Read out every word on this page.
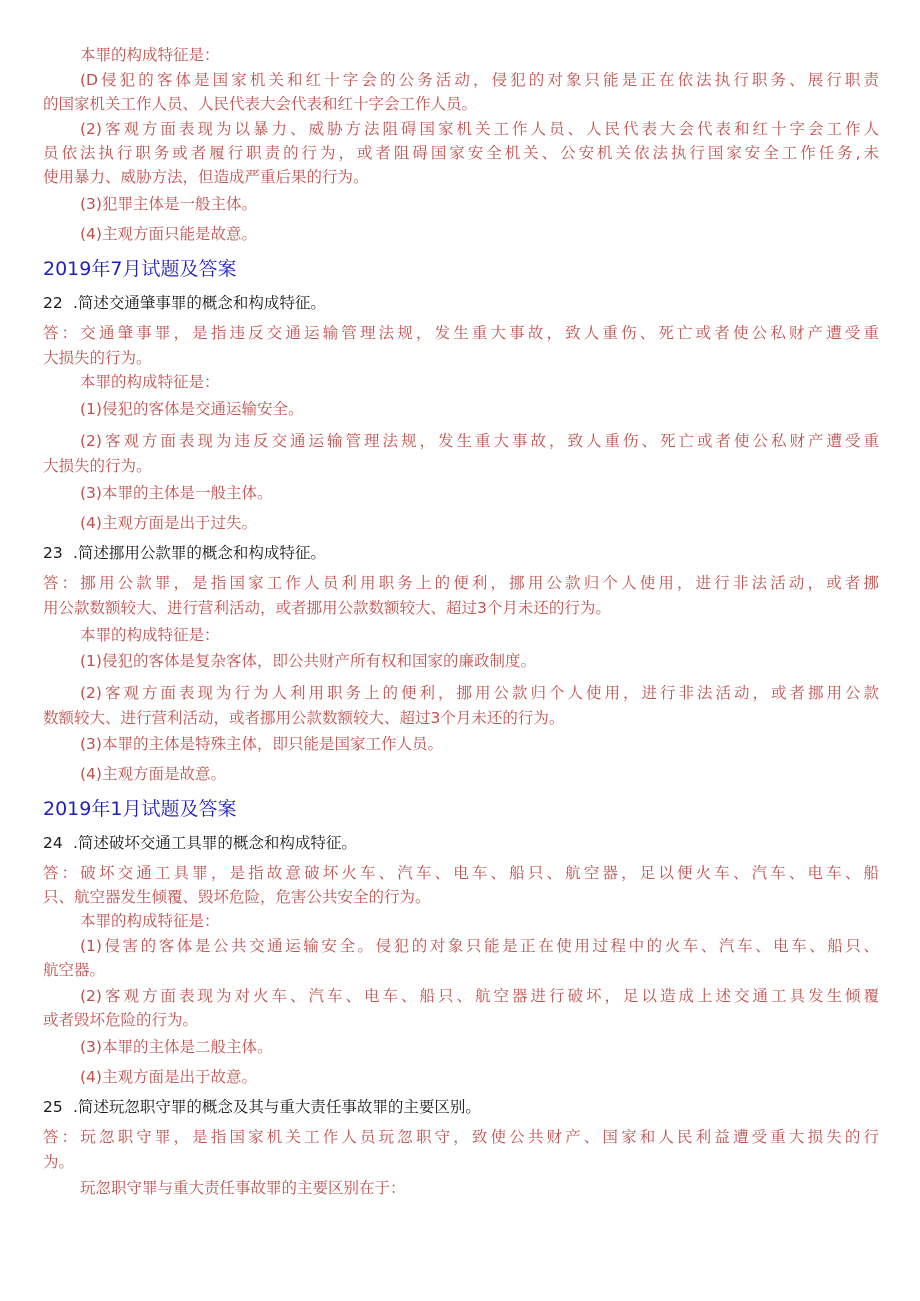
本罪的构成特征是：
(D侵犯的客体是国家机关和红十字会的公务活动，侵犯的对象只能是正在依法执行职务、展行职责
的国家机关工作人员、人民代表大会代表和红十字会工作人员。
(2)客观方面表现为以暴力、威胁方法阻碍国家机关工作人员、人民代表大会代表和红十字会工作人
员依法执行职务或者履行职责的行为，或者阻碍国家安全机关、公安机关依法执行国家安全工作任务,未
使用暴力、威胁方法，但造成严重后果的行为。
(3)犯罪主体是一般主体。
(4)主观方面只能是故意。
2019年7月试题及答案
22 .简述交通肇事罪的概念和构成特征。
答：交通肇事罪，是指违反交通运输管理法规，发生重大事故，致人重伤、死亡或者使公私财产遭受重
大损失的行为。
本罪的构成特征是：
(1)侵犯的客体是交通运输安全。
(2)客观方面表现为违反交通运输管理法规，发生重大事故，致人重伤、死亡或者使公私财产遭受重
大损失的行为。
(3)本罪的主体是一般主体。
(4)主观方面是出于过失。
23 .简述挪用公款罪的概念和构成特征。
答：挪用公款罪，是指国家工作人员利用职务上的便利，挪用公款归个人使用，进行非法活动，或者挪
用公款数额较大、进行营利活动，或者挪用公款数额较大、超过3个月未还的行为。
本罪的构成特征是：
(1)侵犯的客体是复杂客体，即公共财产所有权和国家的廉政制度。
(2)客观方面表现为行为人利用职务上的便利，挪用公款归个人使用，进行非法活动，或者挪用公款
数额较大、进行营利活动，或者挪用公款数额较大、超过3个月未还的行为。
(3)本罪的主体是特殊主体，即只能是国家工作人员。
(4)主观方面是故意。
2019年1月试题及答案
24 .简述破坏交通工具罪的概念和构成特征。
答：破坏交通工具罪，是指故意破坏火车、汽车、电车、船只、航空器，足以便火车、汽车、电车、船
只、航空器发生倾覆、毁坏危险，危害公共安全的行为。
本罪的构成特征是：
(1)侵害的客体是公共交通运输安全。侵犯的对象只能是正在使用过程中的火车、汽车、电车、船只、
航空器。
(2)客观方面表现为对火车、汽车、电车、船只、航空器进行破坏，足以造成上述交通工具发生倾覆
或者毁坏危险的行为。
(3)本罪的主体是二般主体。
(4)主观方面是出于故意。
25 .简述玩忽职守罪的概念及其与重大责任事故罪的主要区别。
答：玩忽职守罪，是指国家机关工作人员玩忽职守，致使公共财产、国家和人民利益遭受重大损失的行
为。
玩忽职守罪与重大责任事故罪的主要区别在于：
